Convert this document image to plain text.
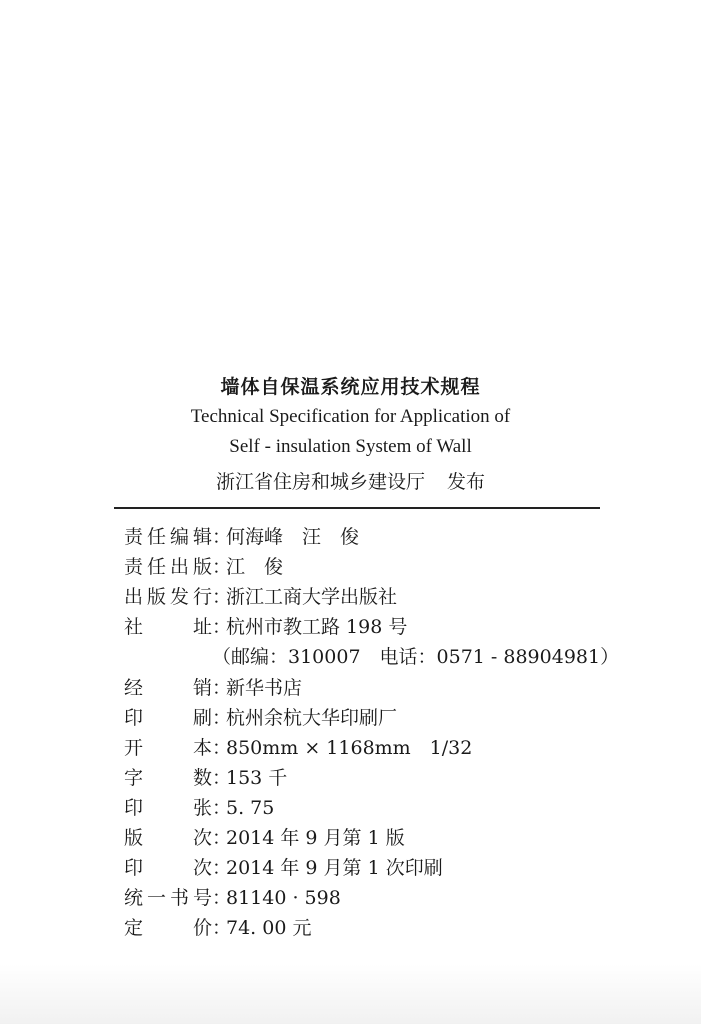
墙体自保温系统应用技术规程
Technical Specification for Application of
Self - insulation System of Wall
浙江省住房和城乡建设厅 发布
责任编辑：何海峰　汪　俊
责任出版：江　俊
出版发行：浙江工商大学出版社
社址：杭州市教工路 198 号
（邮编：310007　电话：0571 - 88904981）
经销：新华书店
印刷：杭州余杭大华印刷厂
开本：850mm × 1168mm　1/32
字数：153 千
印张：5. 75
版次：2014 年 9 月第 1 版
印次：2014 年 9 月第 1 次印刷
统一书号：81140 · 598
定价：74. 00 元
